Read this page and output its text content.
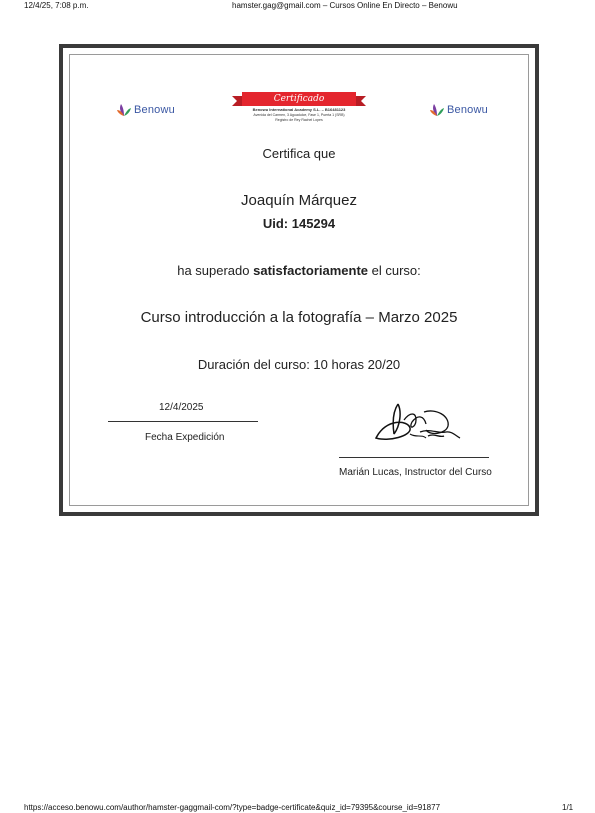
12/4/25, 7:08 p.m.	hamster.gag@gmail.com – Cursos Online En Directo – Benowu
Benowu	Benowu
Certificado
Benowu International Academy S.L. – B16481123
Avenida del Carmen, 3 Aguadulce, Fase 1, Puerta 1 (SRB)
Registro de Rey Rachel Lopes
Certifica que
Joaquín Márquez
Uid: 145294
ha superado satisfactoriamente el curso:
Curso introducción a la fotografía – Marzo 2025
Duración del curso: 10 horas 20/20
12/4/2025
Fecha Expedición
Marián Lucas, Instructor del Curso
https://acceso.benowu.com/author/hamster-gaggmail-com/?type=badge-certificate&quiz_id=79395&course_id=91877	1/1
